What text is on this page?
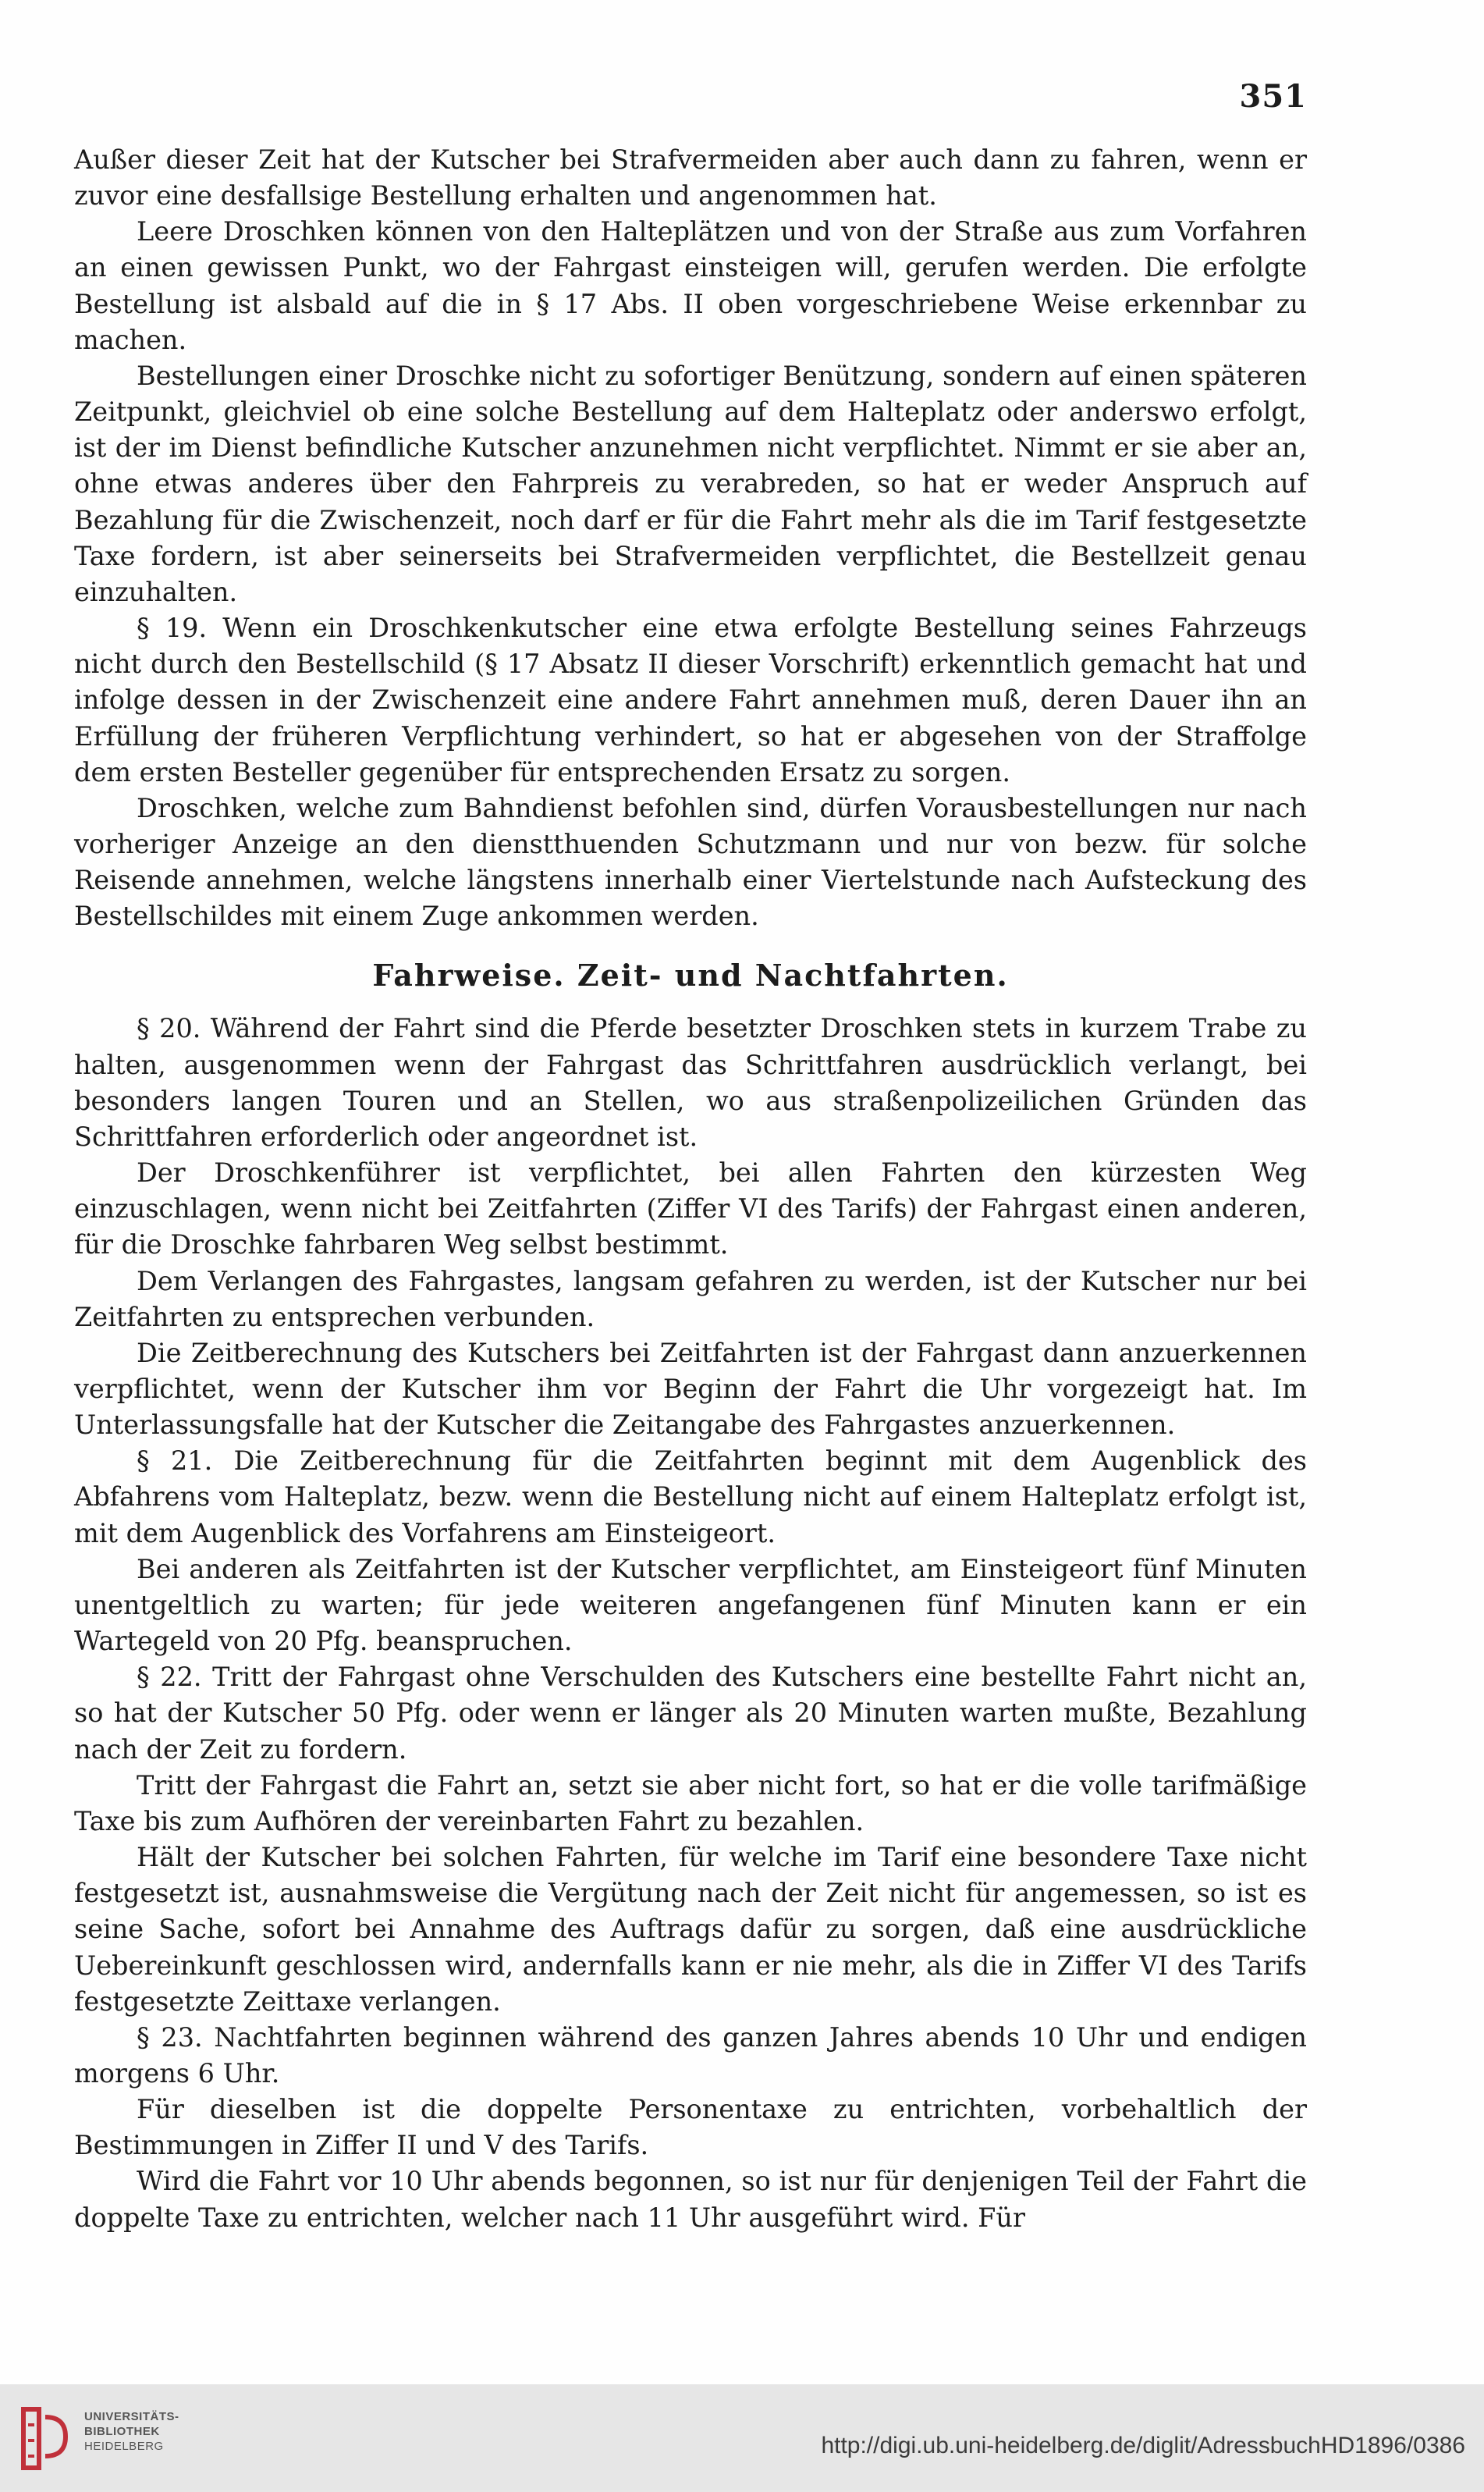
351

Außer dieser Zeit hat der Kutscher bei Strafvermeiden aber auch dann zu fahren, wenn er zuvor eine desfallsige Bestellung erhalten und angenommen hat.

Leere Droschken können von den Halteplätzen und von der Straße aus zum Vorfahren an einen gewissen Punkt, wo der Fahrgast einsteigen will, gerufen werden. Die erfolgte Bestellung ist alsbald auf die in § 17 Abs. II oben vorgeschriebene Weise erkennbar zu machen.

Bestellungen einer Droschke nicht zu sofortiger Benützung, sondern auf einen späteren Zeitpunkt, gleichviel ob eine solche Bestellung auf dem Halteplatz oder anderswo erfolgt, ist der im Dienst befindliche Kutscher anzunehmen nicht verpflichtet. Nimmt er sie aber an, ohne etwas anderes über den Fahrpreis zu verabreden, so hat er weder Anspruch auf Bezahlung für die Zwischenzeit, noch darf er für die Fahrt mehr als die im Tarif festgesetzte Taxe fordern, ist aber seinerseits bei Strafvermeiden verpflichtet, die Bestellzeit genau einzuhalten.

§ 19. Wenn ein Droschkenkutscher eine etwa erfolgte Bestellung seines Fahrzeugs nicht durch den Bestellschild (§ 17 Absatz II dieser Vorschrift) erkenntlich gemacht hat und infolge dessen in der Zwischenzeit eine andere Fahrt annehmen muß, deren Dauer ihn an Erfüllung der früheren Verpflichtung verhindert, so hat er abgesehen von der Straffolge dem ersten Besteller gegenüber für entsprechenden Ersatz zu sorgen.

Droschken, welche zum Bahndienst befohlen sind, dürfen Vorausbestellungen nur nach vorheriger Anzeige an den dienstthuenden Schutzmann und nur von bezw. für solche Reisende annehmen, welche längstens innerhalb einer Viertelstunde nach Aufsteckung des Bestellschildes mit einem Zuge ankommen werden.

Fahrweise. Zeit- und Nachtfahrten.

§ 20. Während der Fahrt sind die Pferde besetzter Droschken stets in kurzem Trabe zu halten, ausgenommen wenn der Fahrgast das Schrittfahren ausdrücklich verlangt, bei besonders langen Touren und an Stellen, wo aus straßenpolizeilichen Gründen das Schrittfahren erforderlich oder angeordnet ist.

Der Droschkenführer ist verpflichtet, bei allen Fahrten den kürzesten Weg einzuschlagen, wenn nicht bei Zeitfahrten (Ziffer VI des Tarifs) der Fahrgast einen anderen, für die Droschke fahrbaren Weg selbst bestimmt.

Dem Verlangen des Fahrgastes, langsam gefahren zu werden, ist der Kutscher nur bei Zeitfahrten zu entsprechen verbunden.

Die Zeitberechnung des Kutschers bei Zeitfahrten ist der Fahrgast dann anzuerkennen verpflichtet, wenn der Kutscher ihm vor Beginn der Fahrt die Uhr vorgezeigt hat. Im Unterlassungsfalle hat der Kutscher die Zeitangabe des Fahrgastes anzuerkennen.

§ 21. Die Zeitberechnung für die Zeitfahrten beginnt mit dem Augenblick des Abfahrens vom Halteplatz, bezw. wenn die Bestellung nicht auf einem Halteplatz erfolgt ist, mit dem Augenblick des Vorfahrens am Einsteigeort.

Bei anderen als Zeitfahrten ist der Kutscher verpflichtet, am Einsteigeort fünf Minuten unentgeltlich zu warten; für jede weiteren angefangenen fünf Minuten kann er ein Wartegeld von 20 Pfg. beanspruchen.

§ 22. Tritt der Fahrgast ohne Verschulden des Kutschers eine bestellte Fahrt nicht an, so hat der Kutscher 50 Pfg. oder wenn er länger als 20 Minuten warten mußte, Bezahlung nach der Zeit zu fordern.

Tritt der Fahrgast die Fahrt an, setzt sie aber nicht fort, so hat er die volle tarifmäßige Taxe bis zum Aufhören der vereinbarten Fahrt zu bezahlen.

Hält der Kutscher bei solchen Fahrten, für welche im Tarif eine besondere Taxe nicht festgesetzt ist, ausnahmsweise die Vergütung nach der Zeit nicht für angemessen, so ist es seine Sache, sofort bei Annahme des Auftrags dafür zu sorgen, daß eine ausdrückliche Uebereinkunft geschlossen wird, andernfalls kann er nie mehr, als die in Ziffer VI des Tarifs festgesetzte Zeittaxe verlangen.

§ 23. Nachtfahrten beginnen während des ganzen Jahres abends 10 Uhr und endigen morgens 6 Uhr.

Für dieselben ist die doppelte Personentaxe zu entrichten, vorbehaltlich der Bestimmungen in Ziffer II und V des Tarifs.

Wird die Fahrt vor 10 Uhr abends begonnen, so ist nur für denjenigen Teil der Fahrt die doppelte Taxe zu entrichten, welcher nach 11 Uhr ausgeführt wird. Für

UNIVERSITÄTS-
BIBLIOTHEK
HEIDELBERG	http://digi.ub.uni-heidelberg.de/diglit/AdressbuchHD1896/0386
